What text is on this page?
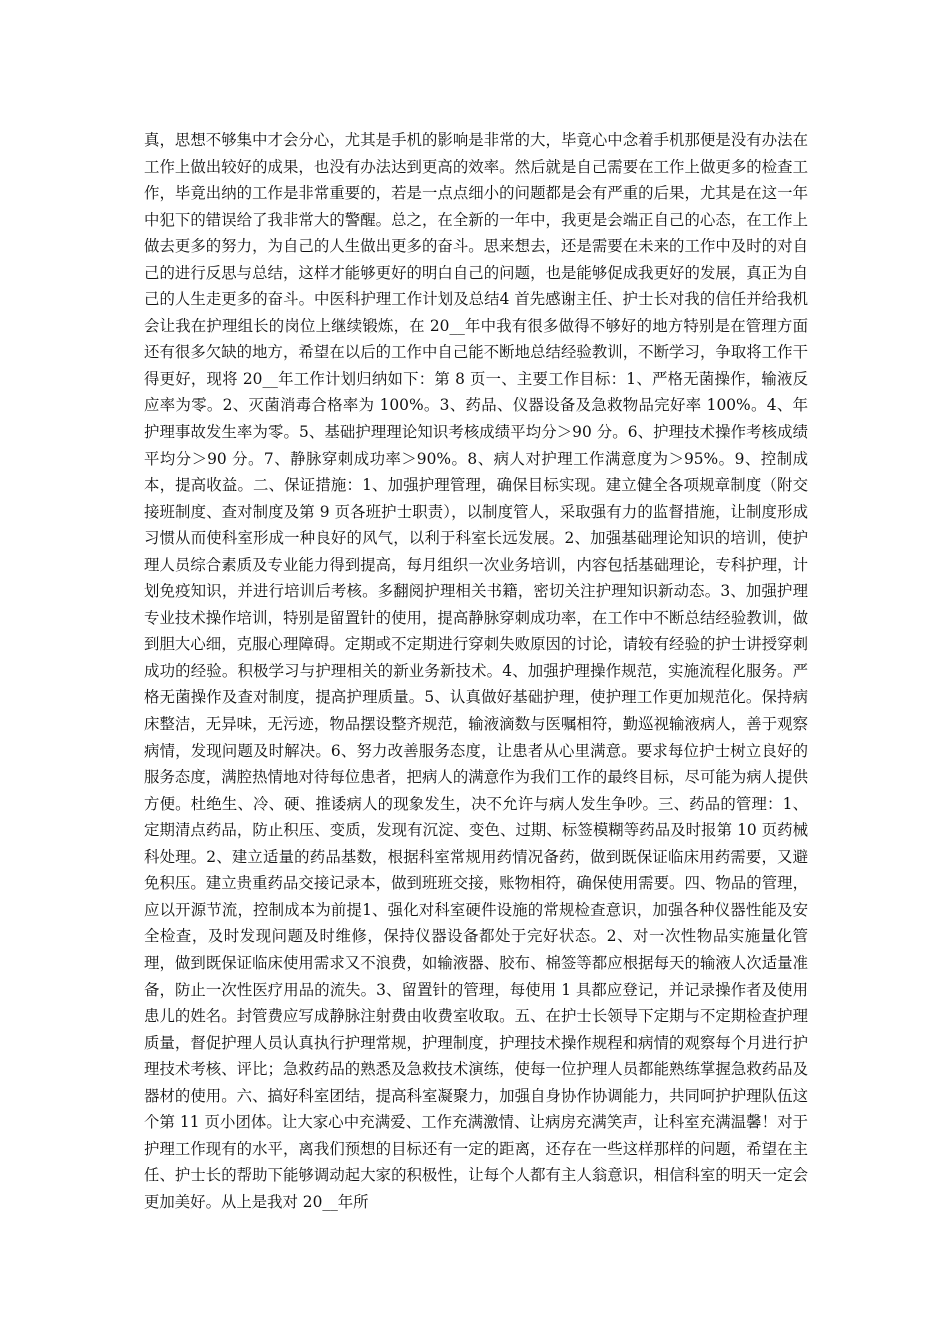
真，思想不够集中才会分心，尤其是手机的影响是非常的大，毕竟心中念着手机那便是没有办法在工作上做出较好的成果，也没有办法达到更高的效率。然后就是自己需要在工作上做更多的检查工作，毕竟出纳的工作是非常重要的，若是一点点细小的问题都是会有严重的后果，尤其是在这一年中犯下的错误给了我非常大的警醒。总之，在全新的一年中，我更是会端正自己的心态，在工作上做去更多的努力，为自己的人生做出更多的奋斗。思来想去，还是需要在未来的工作中及时的对自己的进行反思与总结，这样才能够更好的明白自己的问题，也是能够促成我更好的发展，真正为自己的人生走更多的奋斗。中医科护理工作计划及总结4 首先感谢主任、护士长对我的信任并给我机会让我在护理组长的岗位上继续锻炼，在 20__年中我有很多做得不够好的地方特别是在管理方面还有很多欠缺的地方，希望在以后的工作中自己能不断地总结经验教训，不断学习，争取将工作干得更好，现将 20__年工作计划归纳如下：第 8 页一、主要工作目标：1、严格无菌操作，输液反应率为零。2、灭菌消毒合格率为 100%。3、药品、仪器设备及急救物品完好率 100%。4、年护理事故发生率为零。5、基础护理理论知识考核成绩平均分＞90 分。6、护理技术操作考核成绩平均分＞90 分。7、静脉穿刺成功率＞90%。8、病人对护理工作满意度为＞95%。9、控制成本，提高收益。二、保证措施：1、加强护理管理，确保目标实现。建立健全各项规章制度（附交接班制度、查对制度及第 9 页各班护士职责），以制度管人，采取强有力的监督措施，让制度形成习惯从而使科室形成一种良好的风气，以利于科室长远发展。2、加强基础理论知识的培训，使护理人员综合素质及专业能力得到提高，每月组织一次业务培训，内容包括基础理论，专科护理，计划免疫知识，并进行培训后考核。多翻阅护理相关书籍，密切关注护理知识新动态。3、加强护理专业技术操作培训，特别是留置针的使用，提高静脉穿刺成功率，在工作中不断总结经验教训，做到胆大心细，克服心理障碍。定期或不定期进行穿刺失败原因的讨论，请较有经验的护士讲授穿刺成功的经验。积极学习与护理相关的新业务新技术。4、加强护理操作规范，实施流程化服务。严格无菌操作及查对制度，提高护理质量。5、认真做好基础护理，使护理工作更加规范化。保持病床整洁，无异味，无污迹，物品摆设整齐规范，输液滴数与医嘱相符，勤巡视输液病人，善于观察病情，发现问题及时解决。6、努力改善服务态度，让患者从心里满意。要求每位护士树立良好的服务态度，满腔热情地对待每位患者，把病人的满意作为我们工作的最终目标，尽可能为病人提供方便。杜绝生、冷、硬、推诿病人的现象发生，决不允许与病人发生争吵。三、药品的管理：1、定期清点药品，防止积压、变质，发现有沉淀、变色、过期、标签模糊等药品及时报第 10 页药械科处理。2、建立适量的药品基数，根据科室常规用药情况备药，做到既保证临床用药需要，又避免积压。建立贵重药品交接记录本，做到班班交接，账物相符，确保使用需要。四、物品的管理，应以开源节流，控制成本为前提1、强化对科室硬件设施的常规检查意识，加强各种仪器性能及安全检查，及时发现问题及时维修，保持仪器设备都处于完好状态。2、对一次性物品实施量化管理，做到既保证临床使用需求又不浪费，如输液器、胶布、棉签等都应根据每天的输液人次适量准备，防止一次性医疗用品的流失。3、留置针的管理，每使用 1 具都应登记，并记录操作者及使用患儿的姓名。封管费应写成静脉注射费由收费室收取。五、在护士长领导下定期与不定期检查护理质量，督促护理人员认真执行护理常规，护理制度，护理技术操作规程和病情的观察每个月进行护理技术考核、评比；急救药品的熟悉及急救技术演练，使每一位护理人员都能熟练掌握急救药品及器材的使用。六、搞好科室团结，提高科室凝聚力，加强自身协作协调能力，共同呵护护理队伍这个第 11 页小团体。让大家心中充满爱、工作充满激情、让病房充满笑声，让科室充满温馨！对于护理工作现有的水平，离我们预想的目标还有一定的距离，还存在一些这样那样的问题，希望在主任、护士长的帮助下能够调动起大家的积极性，让每个人都有主人翁意识，相信科室的明天一定会更加美好。从上是我对 20__年所
